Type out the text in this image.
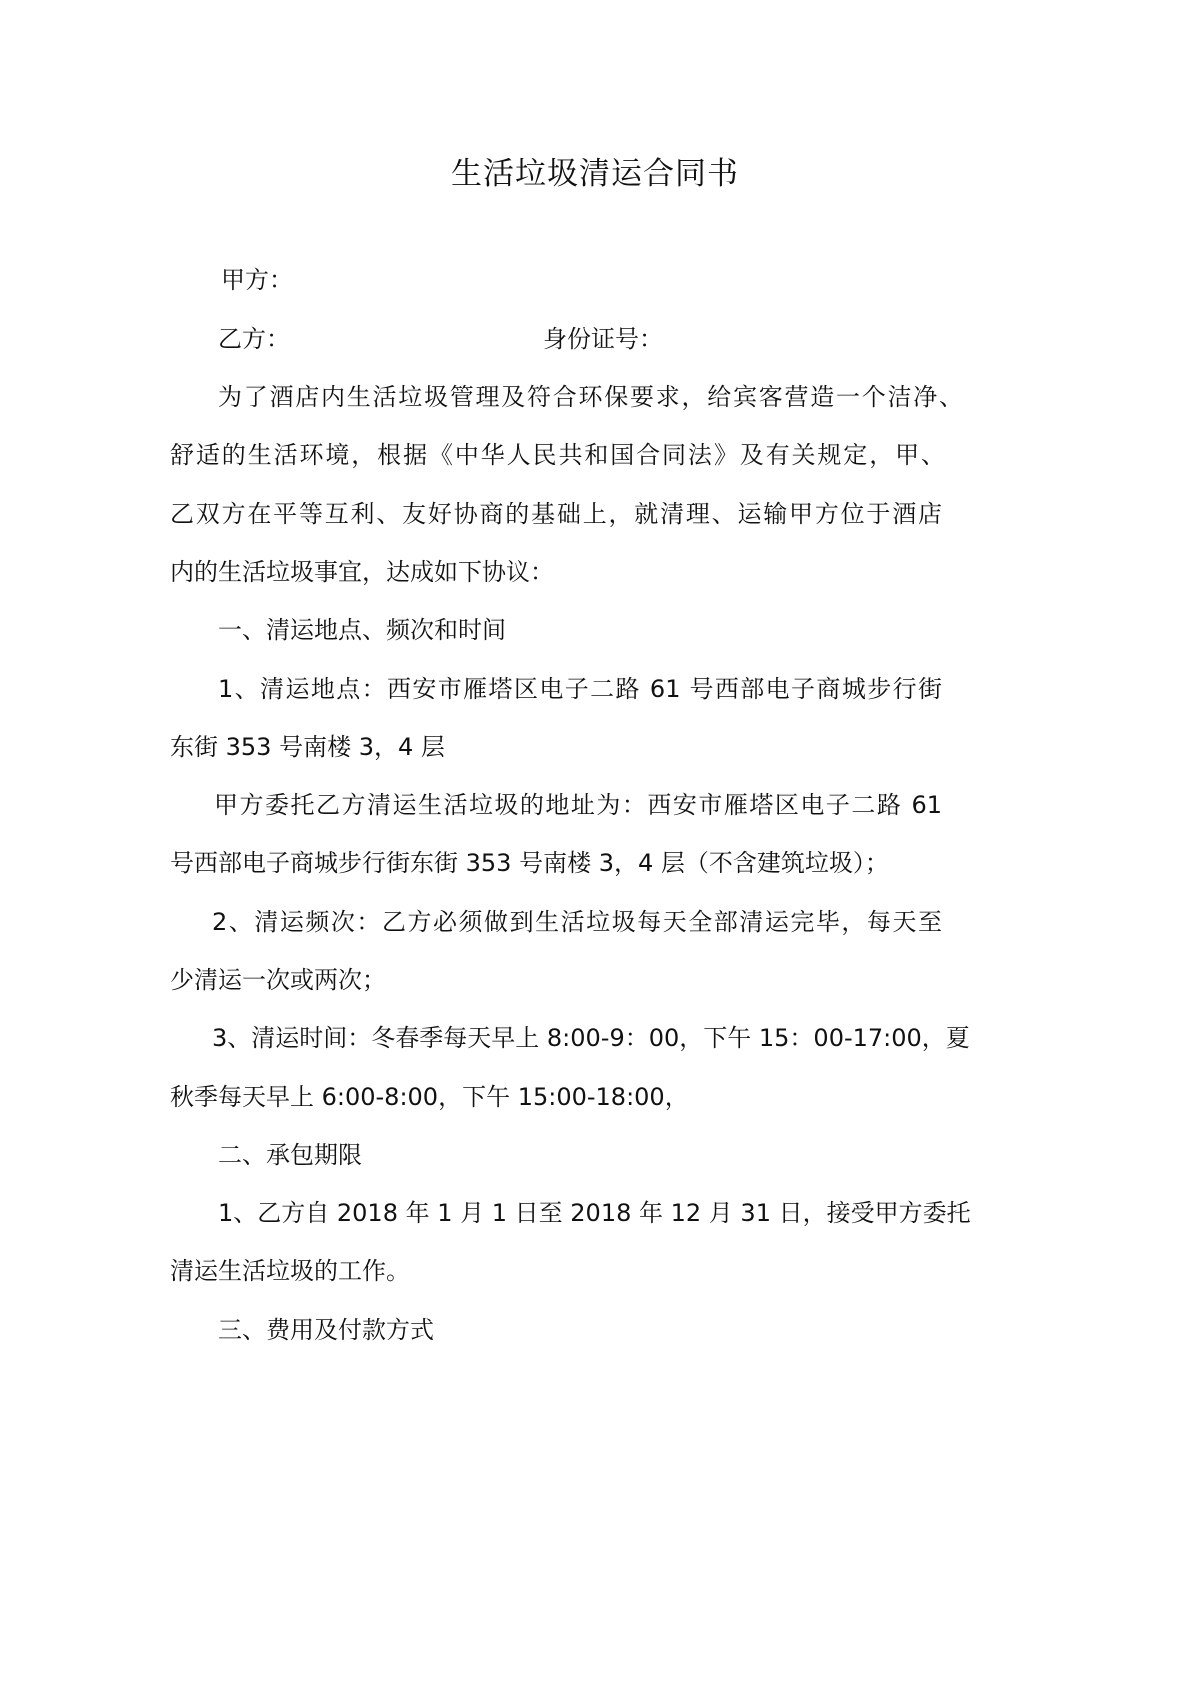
生活垃圾清运合同书
甲方：
乙方：	身份证号：
为了酒店内生活垃圾管理及符合环保要求，给宾客营造一个洁净、
舒适的生活环境，根据《中华人民共和国合同法》及有关规定，甲、
乙双方在平等互利、友好协商的基础上，就清理、运输甲方位于酒店
内的生活垃圾事宜，达成如下协议：
一、清运地点、频次和时间
1、清运地点：西安市雁塔区电子二路 61 号西部电子商城步行街
东街 353 号南楼 3，4 层
甲方委托乙方清运生活垃圾的地址为：西安市雁塔区电子二路 61
号西部电子商城步行街东街 353 号南楼 3，4 层（不含建筑垃圾）；
2、清运频次：乙方必须做到生活垃圾每天全部清运完毕，每天至
少清运一次或两次；
3、清运时间：冬春季每天早上 8:00-9：00，下午 15：00-17:00，夏
秋季每天早上 6:00-8:00，下午 15:00-18:00，
二、承包期限
1、乙方自 2018 年 1 月 1 日至 2018 年 12 月 31 日，接受甲方委托
清运生活垃圾的工作。
三、费用及付款方式
